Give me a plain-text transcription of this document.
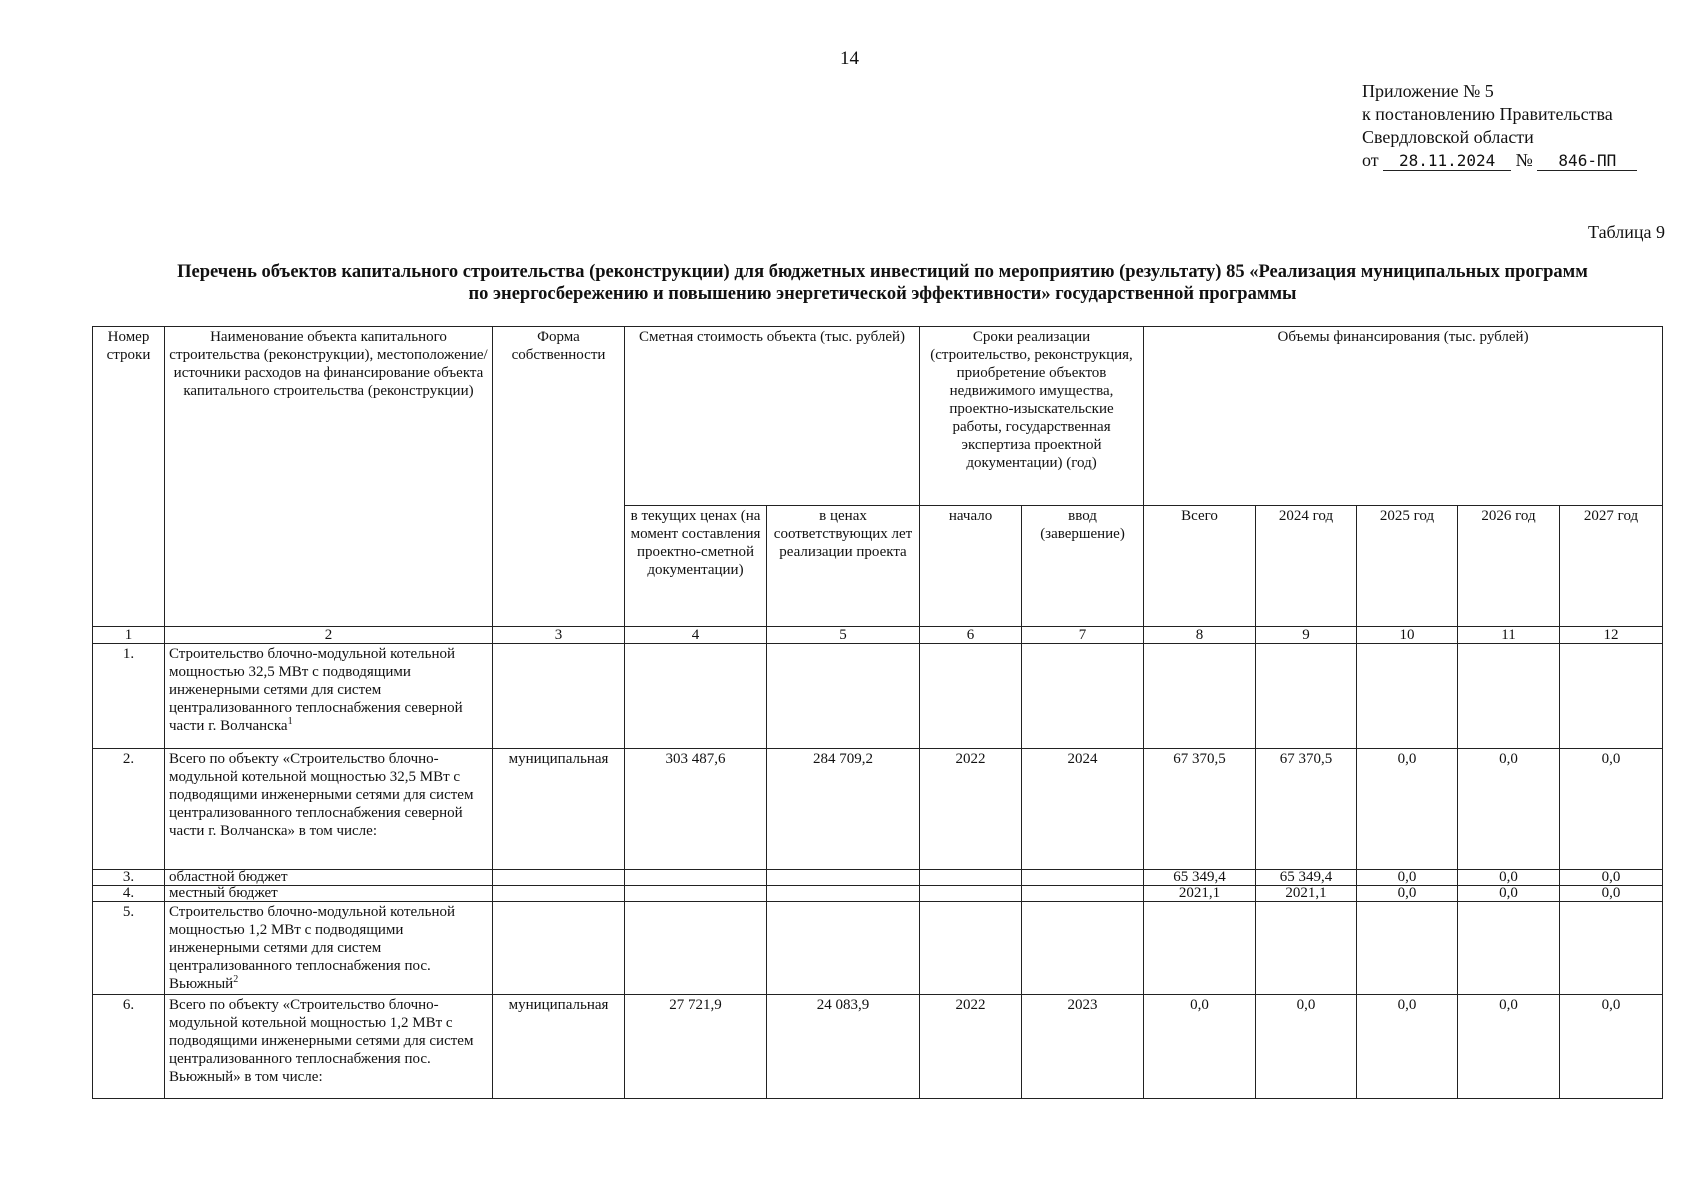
14
Приложение № 5
к постановлению Правительства
Свердловской области
от 28.11.2024 № 846-ПП
Таблица 9
Перечень объектов капитального строительства (реконструкции) для бюджетных инвестиций по мероприятию (результату) 85 «Реализация муниципальных программ
по энергосбережению и повышению энергетической эффективности» государственной программы
Номер строки	Наименование объекта капитального строительства (реконструкции), местоположение/источники расходов на финансирование объекта капитального строительства (реконструкции)	Форма собственности	Сметная стоимость объекта (тыс. рублей)		Сроки реализации (строительство, реконструкция, приобретение объектов недвижимого имущества, проектно-изыскательские работы, государственная экспертиза проектной документации) (год)		Объемы финансирования (тыс. рублей)				
			в текущих ценах (на момент составления проектно-сметной документации)	в ценах соответствующих лет реализации проекта	начало	ввод (завершение)	Всего	2024 год	2025 год	2026 год	2027 год
1	2	3	4	5	6	7	8	9	10	11	12
1.	Строительство блочно-модульной котельной мощностью 32,5 МВт с подводящими инженерными сетями для систем централизованного теплоснабжения северной части г. Волчанска$^1$										
2.	Всего по объекту «Строительство блочно-модульной котельной мощностью 32,5 МВт с подводящими инженерными сетями для систем централизованного теплоснабжения северной части г. Волчанска» в том числе:	муниципальная	303 487,6	284 709,2	2022	2024	67 370,5	67 370,5	0,0	0,0	0,0
3.	областной бюджет						65 349,4	65 349,4	0,0	0,0	0,0
4.	местный бюджет						2021,1	2021,1	0,0	0,0	0,0
5.	Строительство блочно-модульной котельной мощностью 1,2 МВт с подводящими инженерными сетями для систем централизованного теплоснабжения пос. Вьюжный$^2$										
6.	Всего по объекту «Строительство блочно-модульной котельной мощностью 1,2 МВт с подводящими инженерными сетями для систем централизованного теплоснабжения пос. Вьюжный» в том числе:	муниципальная	27 721,9	24 083,9	2022	2023	0,0	0,0	0,0	0,0	0,0
